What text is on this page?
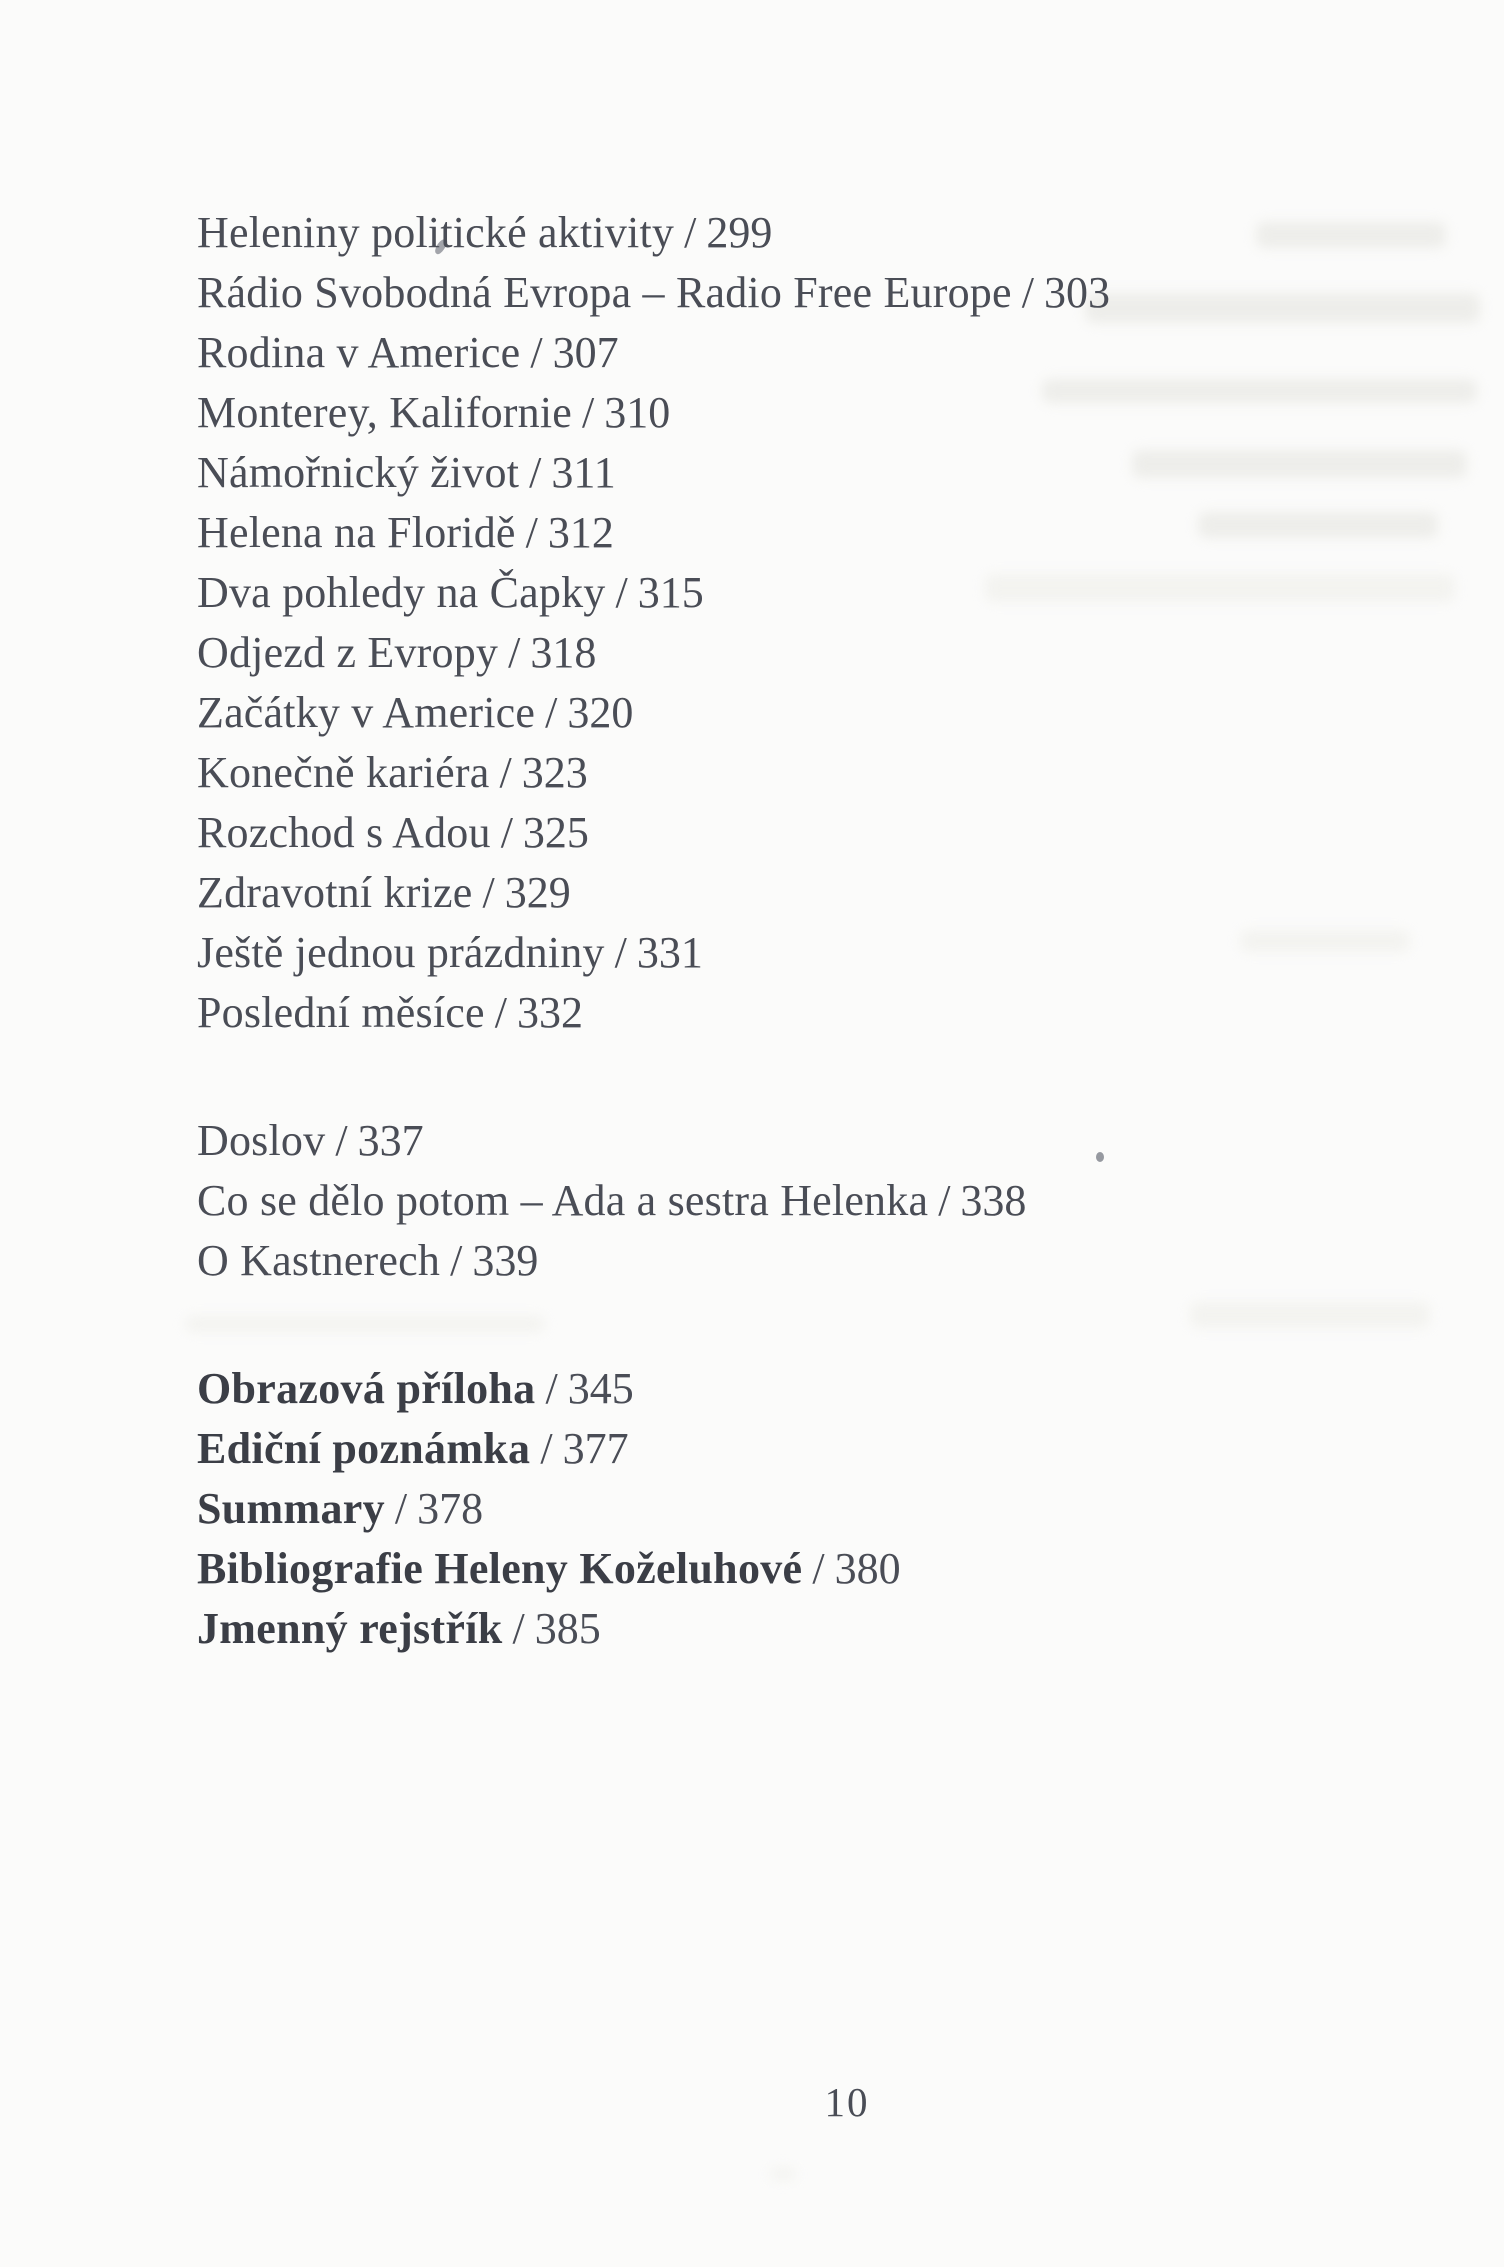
Heleniny politické aktivity / 299
Rádio Svobodná Evropa – Radio Free Europe / 303
Rodina v Americe / 307
Monterey, Kalifornie / 310
Námořnický život / 311
Helena na Floridě / 312
Dva pohledy na Čapky / 315
Odjezd z Evropy / 318
Začátky v Americe / 320
Konečně kariéra / 323
Rozchod s Adou / 325
Zdravotní krize / 329
Ještě jednou prázdniny / 331
Poslední měsíce / 332
Doslov / 337
Co se dělo potom – Ada a sestra Helenka / 338
O Kastnerech / 339
Obrazová příloha / 345
Ediční poznámka / 377
Summary / 378
Bibliografie Heleny Koželuhové / 380
Jmenný rejstřík / 385
10
